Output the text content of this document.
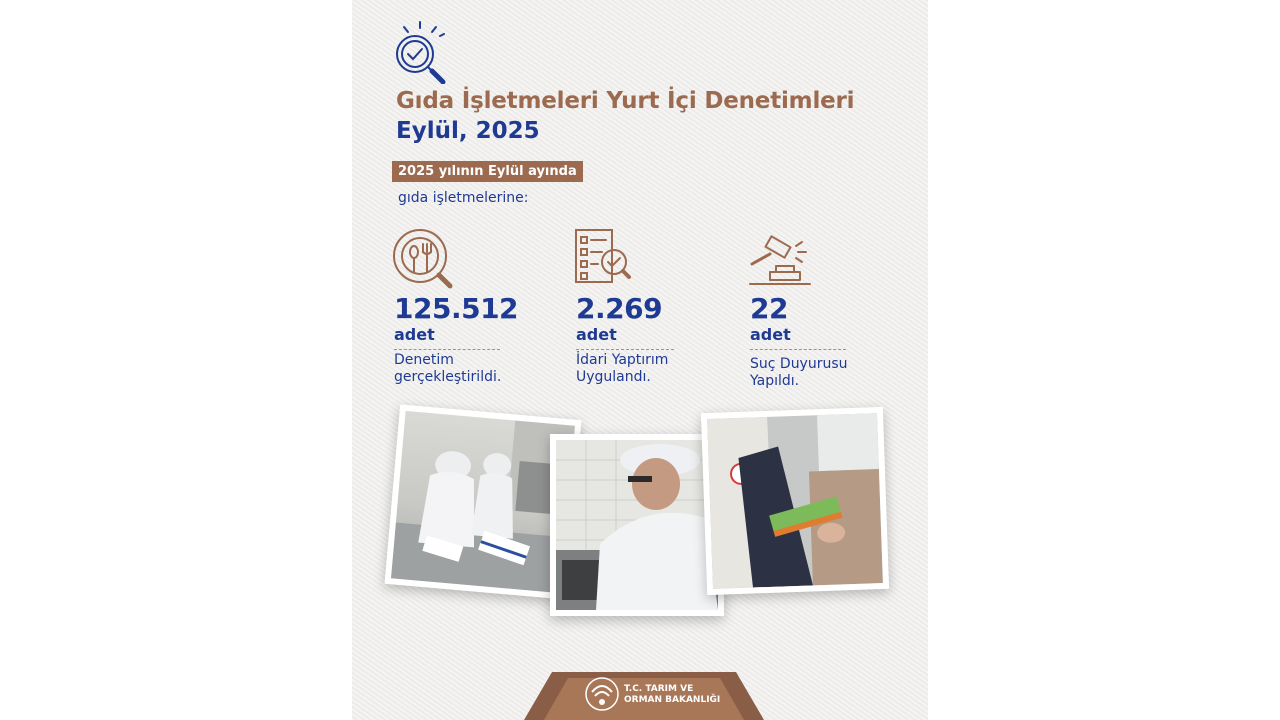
Gıda İşletmeleri Yurt İçi Denetimleri
Eylül, 2025
2025 yılının Eylül ayında
gıda işletmelerine:
125.512
adet
Denetim
gerçekleştirildi.
2.269
adet
İdari Yaptırım
Uygulandı.
22
adet
Suç Duyurusu
Yapıldı.
T.C. TARIM VE
ORMAN BAKANLIĞI
